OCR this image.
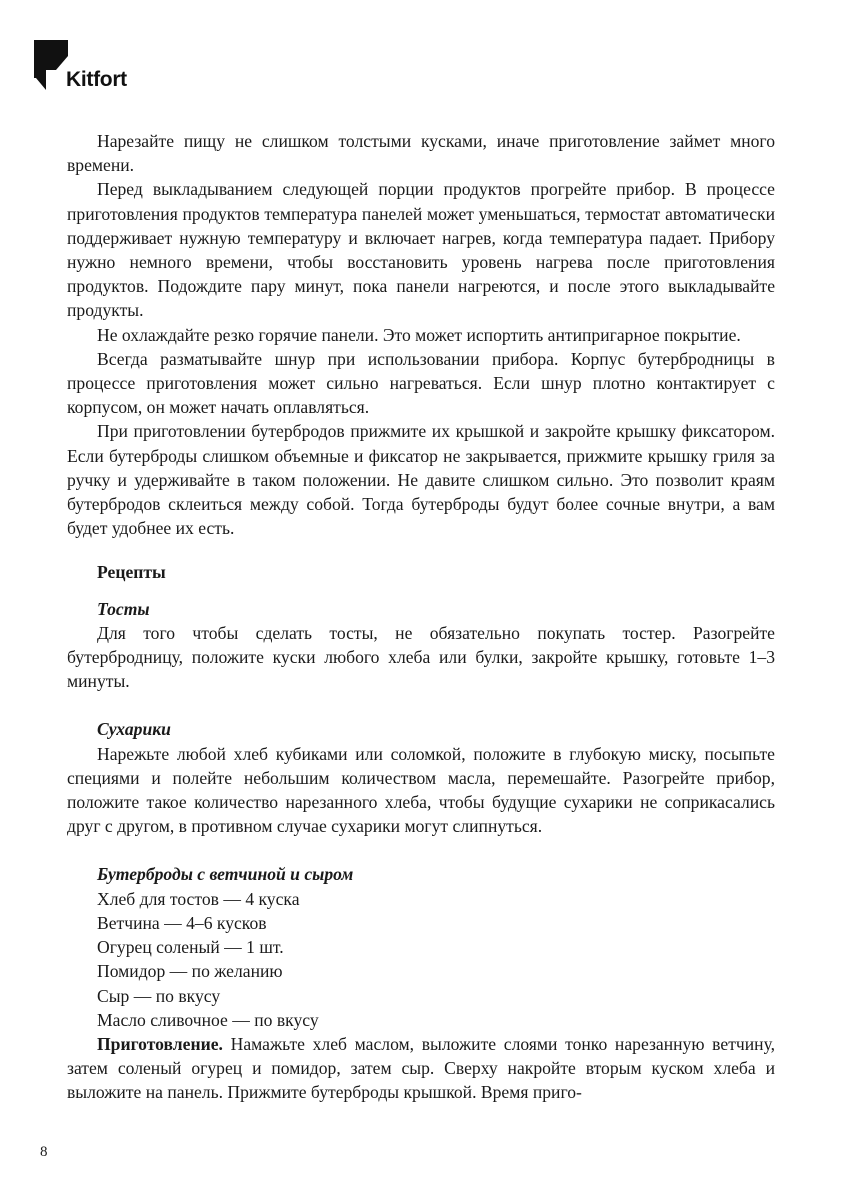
Kitfort

Нарезайте пищу не слишком толстыми кусками, иначе приготовление займет много времени.

Перед выкладыванием следующей порции продуктов прогрейте прибор. В процессе приготовления продуктов температура панелей может уменьшаться, термостат автоматически поддерживает нужную температуру и включает нагрев, когда температура падает. Прибору нужно немного времени, чтобы восстановить уровень нагрева после приготовления продуктов. Подождите пару минут, пока панели нагреются, и после этого выкладывайте продукты.

Не охлаждайте резко горячие панели. Это может испортить антипригарное покрытие.

Всегда разматывайте шнур при использовании прибора. Корпус бутербродницы в процессе приготовления может сильно нагреваться. Если шнур плотно контактирует с корпусом, он может начать оплавляться.

При приготовлении бутербродов прижмите их крышкой и закройте крышку фиксатором. Если бутерброды слишком объемные и фиксатор не закрывается, прижмите крышку гриля за ручку и удерживайте в таком положении. Не давите слишком сильно. Это позволит краям бутербродов склеиться между собой. Тогда бутерброды будут более сочные внутри, а вам будет удобнее их есть.

Рецепты
Тосты

Для того чтобы сделать тосты, не обязательно покупать тостер. Разогрейте бутербродницу, положите куски любого хлеба или булки, закройте крышку, готовьте 1–3 минуты.

Сухарики

Нарежьте любой хлеб кубиками или соломкой, положите в глубокую миску, посыпьте специями и полейте небольшим количеством масла, перемешайте. Разогрейте прибор, положите такое количество нарезанного хлеба, чтобы будущие сухарики не соприкасались друг с другом, в противном случае сухарики могут слипнуться.

Бутерброды с ветчиной и сыром
Хлеб для тостов — 4 куска
Ветчина — 4–6 кусков
Огурец соленый — 1 шт.
Помидор — по желанию
Сыр — по вкусу
Масло сливочное — по вкусу

Приготовление. Намажьте хлеб маслом, выложите слоями тонко нарезанную ветчину, затем соленый огурец и помидор, затем сыр. Сверху накройте вторым куском хлеба и выложите на панель. Прижмите бутерброды крышкой. Время приго-

8
